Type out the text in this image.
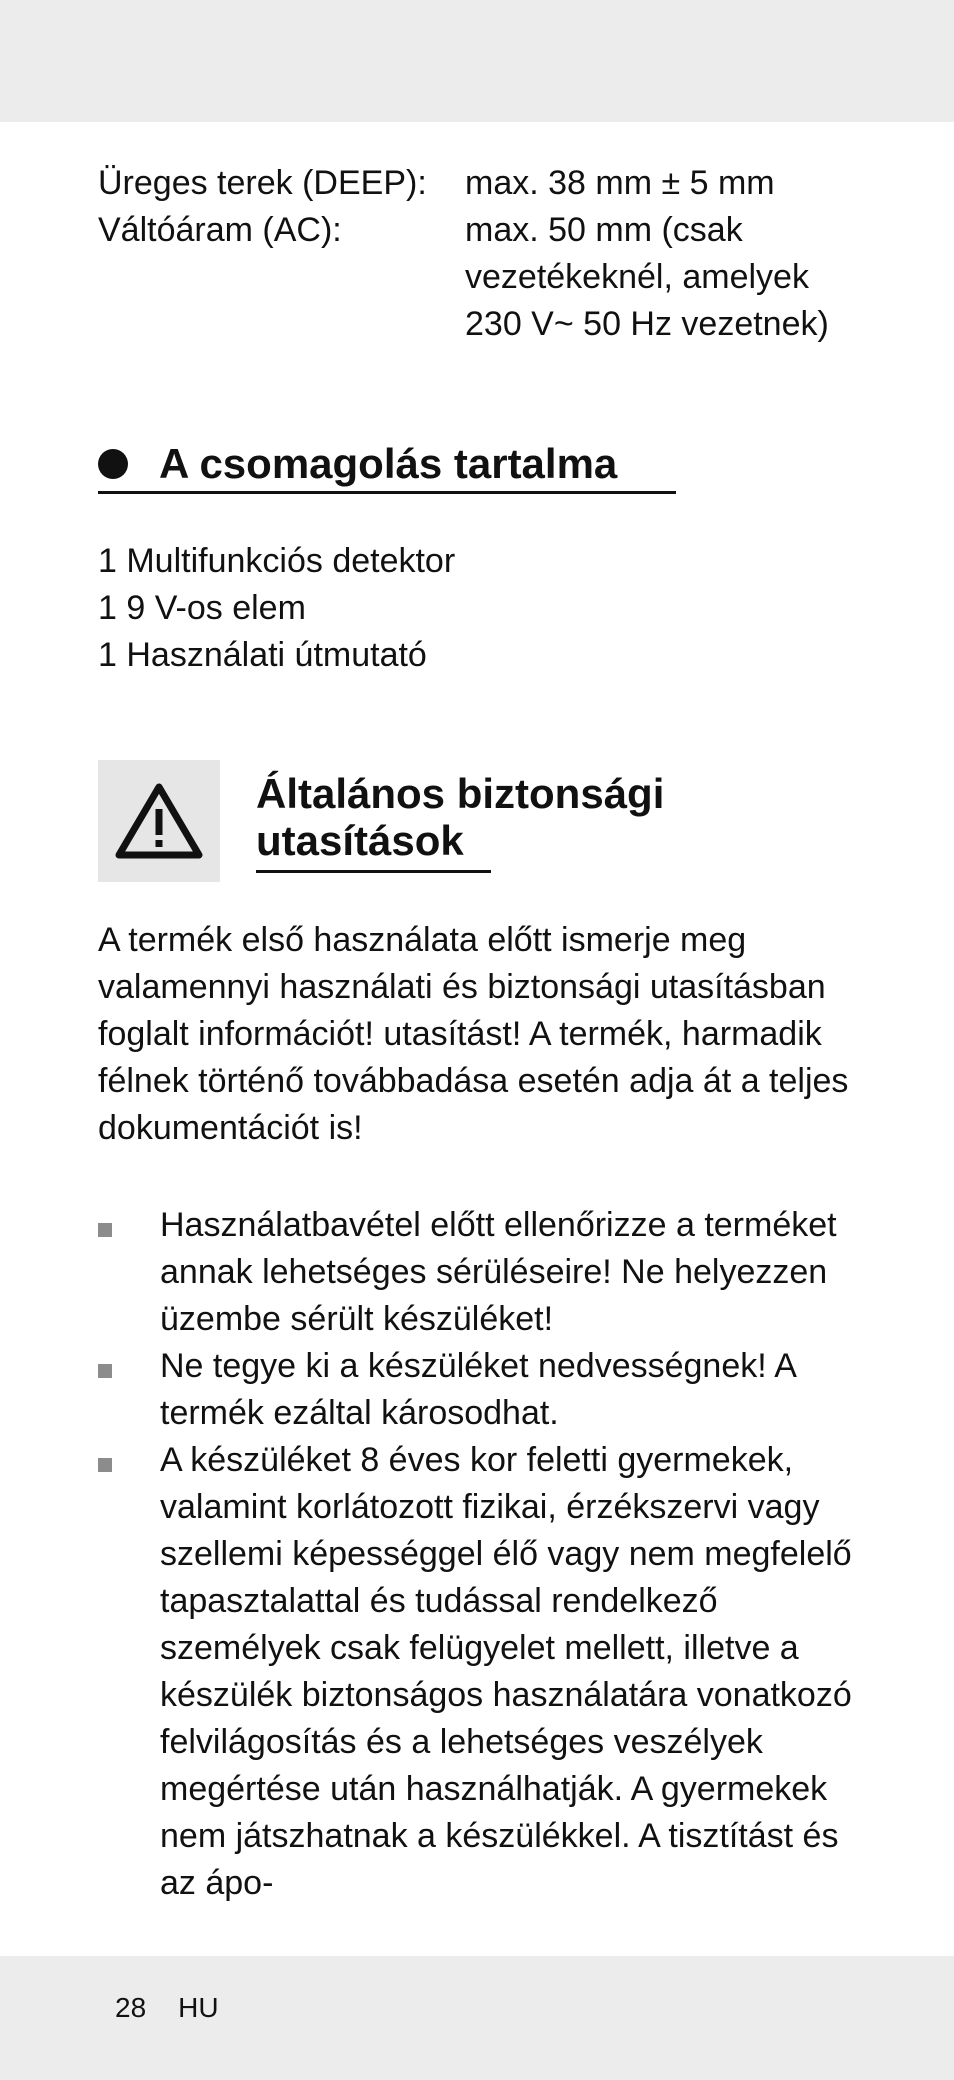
Üreges terek (DEEP):	max. 38 mm ± 5 mm
Váltóáram (AC):	max. 50 mm (csak vezetékeknél, amelyek 230 V~ 50 Hz vezetnek)
A csomagolás tartalma
1 Multifunkciós detektor
1 9 V-os elem
1 Használati útmutató
Általános biztonsági
utasítások
A termék első használata előtt ismerje meg valamennyi használati és biztonsági utasításban foglalt információt! utasítást! A termék, harmadik félnek történő továbbadása esetén adja át a teljes dokumentációt is!
Használatbavétel előtt ellenőrizze a terméket annak lehetséges sérüléseire! Ne helyezzen üzembe sérült készüléket!
Ne tegye ki a készüléket nedvességnek! A termék ezáltal károsodhat.
A készüléket 8 éves kor feletti gyermekek, valamint korlátozott fizikai, érzékszervi vagy szellemi képességgel élő vagy nem megfelelő tapasztalattal és tudással rendelkező személyek csak felügyelet mellett, illetve a készülék biztonságos használatára vonatkozó felvilágosítás és a lehetséges veszélyek megértése után használhatják. A gyermekek nem játszhatnak a készülékkel. A tisztítást és az ápo-
28 HU
